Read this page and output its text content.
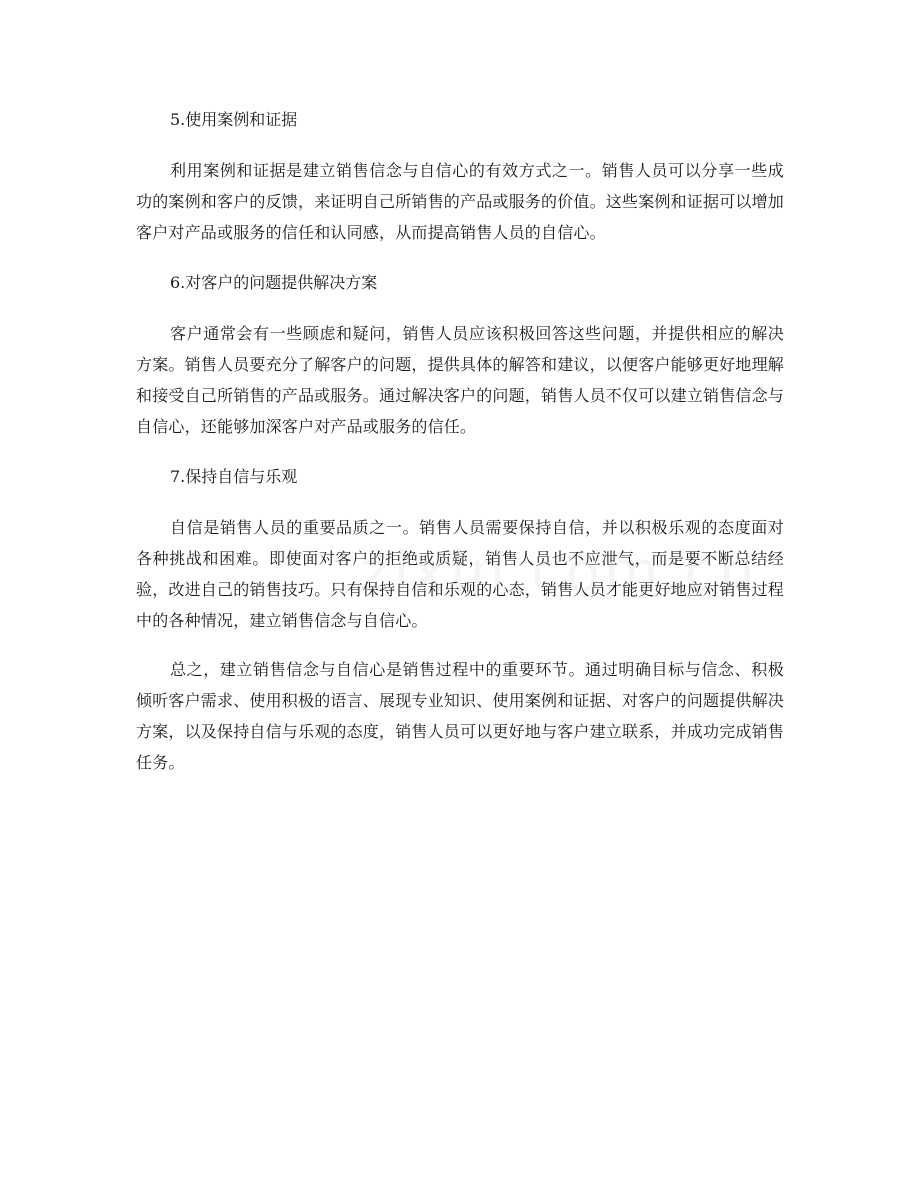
5.使用案例和证据

利用案例和证据是建立销售信念与自信心的有效方式之一。销售人员可以分享一些成功的案例和客户的反馈，来证明自己所销售的产品或服务的价值。这些案例和证据可以增加客户对产品或服务的信任和认同感，从而提高销售人员的自信心。

6.对客户的问题提供解决方案

客户通常会有一些顾虑和疑问，销售人员应该积极回答这些问题，并提供相应的解决方案。销售人员要充分了解客户的问题，提供具体的解答和建议，以便客户能够更好地理解和接受自己所销售的产品或服务。通过解决客户的问题，销售人员不仅可以建立销售信念与自信心，还能够加深客户对产品或服务的信任。

7.保持自信与乐观

自信是销售人员的重要品质之一。销售人员需要保持自信，并以积极乐观的态度面对各种挑战和困难。即使面对客户的拒绝或质疑，销售人员也不应泄气，而是要不断总结经验，改进自己的销售技巧。只有保持自信和乐观的心态，销售人员才能更好地应对销售过程中的各种情况，建立销售信念与自信心。

总之，建立销售信念与自信心是销售过程中的重要环节。通过明确目标与信念、积极倾听客户需求、使用积极的语言、展现专业知识、使用案例和证据、对客户的问题提供解决方案，以及保持自信与乐观的态度，销售人员可以更好地与客户建立联系，并成功完成销售任务。
